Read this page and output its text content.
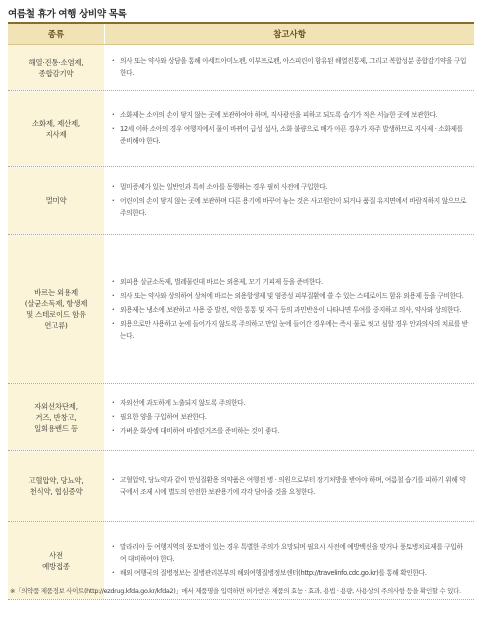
여름철 휴가 여행 상비약 목록
종류	참고사항
해열·진통·소염제,
종합감기약
· 의사 또는 약사와 상담을 통해 아세트아미노펜, 이부프로펜, 아스피린이 함유된 해열진통제, 그리고 복합성분 종합감기약을 구입한다.
소화제, 제산제,
지사제
· 소화제는 소아의 손이 닿지 않는 곳에 보관하여야 하며, 직사광선을 피하고 되도록 습기가 적은 서늘한 곳에 보관한다.
· 12세 이하 소아의 경우 여행지에서 물이 바뀌어 급성 설사, 소화 불량으로 배가 아픈 경우가 자주 발생하므로 지사제 · 소화제를 준비해야 한다.
멀미약
· 멀미증세가 있는 일반인과 특히 소아를 동행하는 경우 필히 사전에 구입한다.
· 어린이의 손이 닿지 않는 곳에 보관하며 다른 용기에 바꾸어 놓는 것은 사고원인이 되거나 품질 유지면에서 바람직하지 않으므로 주의한다.
바르는 외용제
(살균소독제, 항생제
및 스테로이드 함유
연고류)
· 외피용 살균소독제, 벌레물린데 바르는 외용제, 모기 기피제 등을 준비한다.
· 의사 또는 약사와 상의하여 상처에 바르는 외용항생제 및 염증성 피부질환에 쓸 수 있는 스테로이드 함유 외용제 등을 구비한다.
· 외용제는 냉소에 보관하고 사용 중 발진, 악한 통통 및 자극 등의 과민반응이 나타나면 투여를 중지하고 의사, 약사와 상의한다.
· 외용으로만 사용하고 눈에 들어가지 않도록 주의하고 만일 눈에 들어간 경우에는 즉시 물로 씻고 심할 경우 안과의사의 치료를 받는다.
자외선차단제,
거즈, 반창고,
일회용밴드 등
· 자외선에 과도하게 노출되지 않도록 주의한다.
· 필요한 양을 구입하여 보관한다.
· 가벼운 화상에 대비하여 바셀린거즈를 준비하는 것이 좋다.
고혈압약, 당뇨약,
천식약, 협심증약
· 고혈압약, 당뇨약과 같이 만성질환용 의약품은 여행전 병 · 의원으로부터 장기처방을 받아야 하며, 여름철 습기를 피하기 위해 약국에서 조제 시에 별도의 안전한 보관용기에 각각 담아줄 것을 요청한다.
사전
예방접종
· 말라리아 등 여행지역의 풍토병이 있는 경우 특별한 주의가 요망되며 필요시 사전에 예방백신을 맞거나 풍토병치료제를 구입하여 대비하여야 한다.
· 해외 여행국의 질병정보는 질병관리본부의 해외여행질병정보센터(http://travelinfo.cdc.go.kr)를 통해 확인한다.
※「의약품 제품정보 사이트(http://ezdrug.kfda.go.kr/kfda2)」에서 제품명을 입력하면 허가받은 제품의 효능 · 효과, 용법 · 용량, 사용상의 주의사항 등을 확인할 수 있다.
